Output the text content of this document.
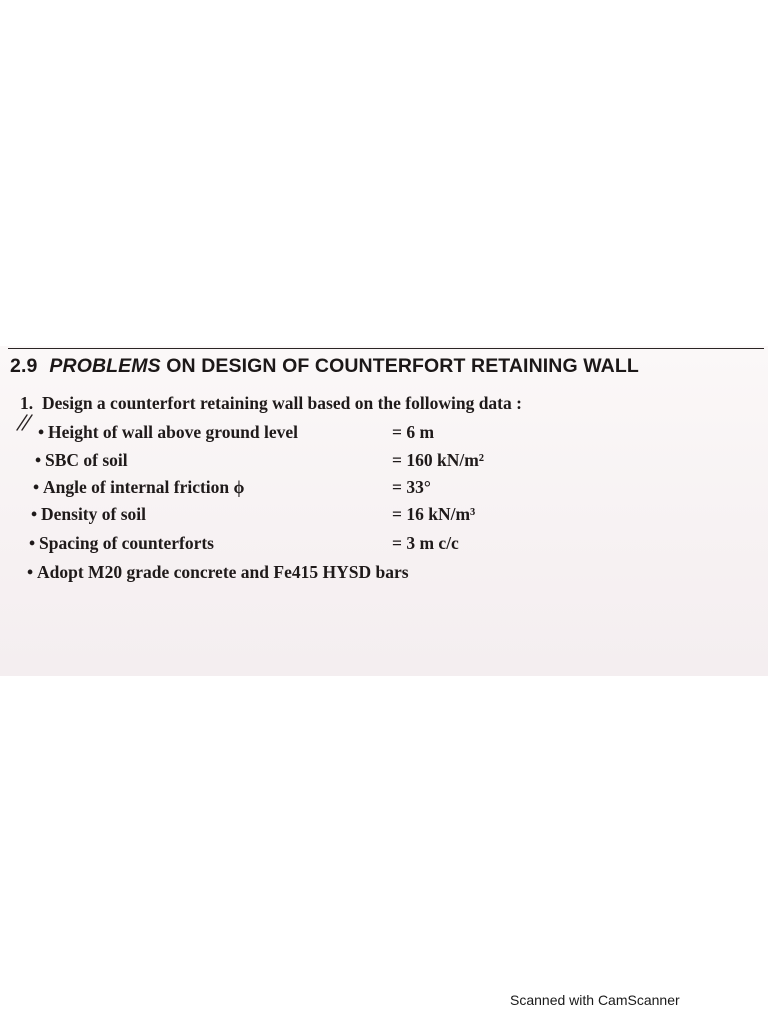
2.9 PROBLEMS ON DESIGN OF COUNTERFORT RETAINING WALL
1. Design a counterfort retaining wall based on the following data :
• Height of wall above ground level	= 6 m
• SBC of soil	= 160 kN/m²
• Angle of internal friction ϕ	= 33°
• Density of soil	= 16 kN/m³
• Spacing of counterforts	= 3 m c/c
• Adopt M20 grade concrete and Fe415 HYSD bars
Scanned with CamScanner
